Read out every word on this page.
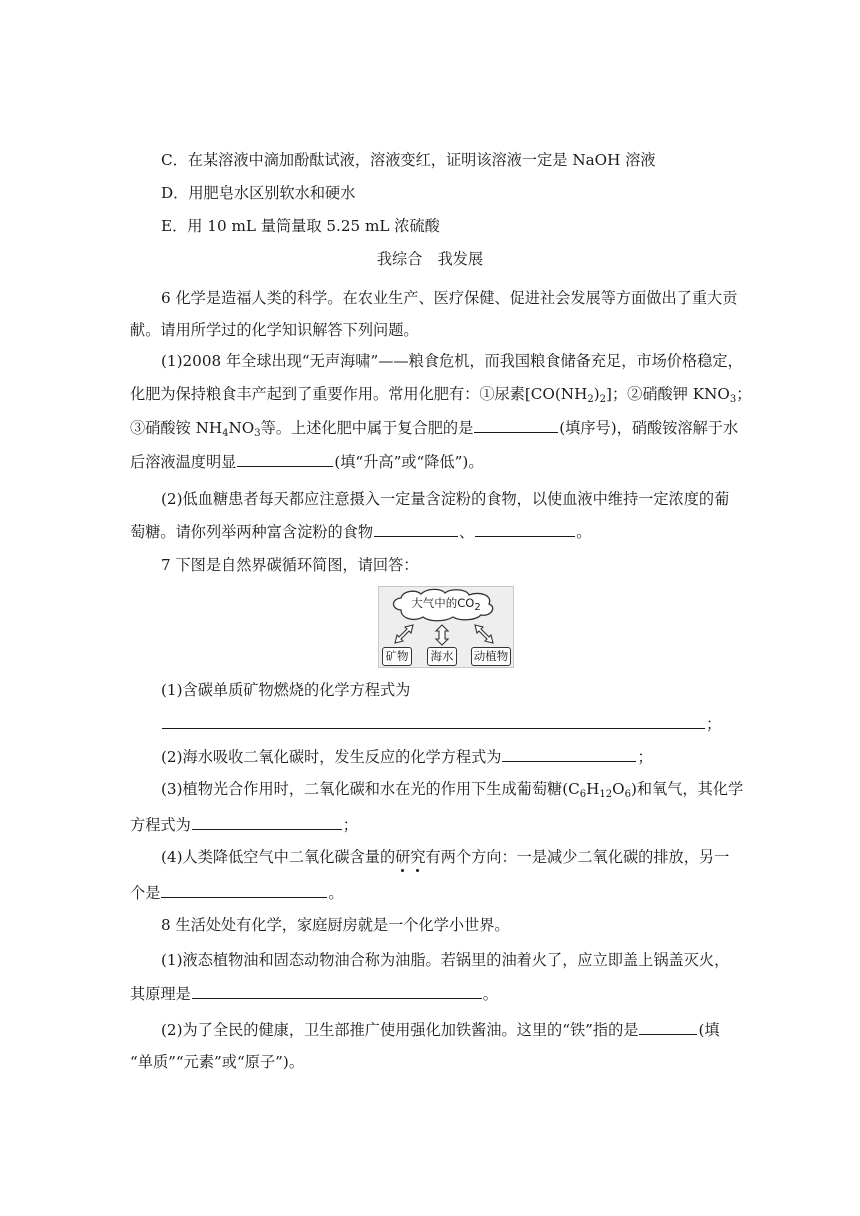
C．在某溶液中滴加酚酞试液，溶液变红，证明该溶液一定是 NaOH 溶液
D．用肥皂水区别软水和硬水
E．用 10 mL 量筒量取 5.25 mL 浓硫酸
我综合　我发展
6 化学是造福人类的科学。在农业生产、医疗保健、促进社会发展等方面做出了重大贡
献。请用所学过的化学知识解答下列问题。
(1)2008 年全球出现“无声海啸”——粮食危机，而我国粮食储备充足，市场价格稳定，
化肥为保持粮食丰产起到了重要作用。常用化肥有：①尿素$[CO(NH_2)_2]$；②硝酸钾 $KNO_3$；
③硝酸铵 $NH_4NO_3$等。上述化肥中属于复合肥的是	(填序号)，硝酸铵溶解于水
后溶液温度明显	(填“升高”或“降低”)。
(2)低血糖患者每天都应注意摄入一定量含淀粉的食物，以使血液中维持一定浓度的葡
萄糖。请你列举两种富含淀粉的食物	、	。
7 下图是自然界碳循环简图，请回答：
大气中的$CO_2$
矿物	海水	动植物
(1)含碳单质矿物燃烧的化学方程式为
；
(2)海水吸收二氧化碳时，发生反应的化学方程式为	；
(3)植物光合作用时，二氧化碳和水在光的作用下生成葡萄糖$(C_6H_{12}O_6)$和氧气，其化学
方程式为	；
(4)人类降低空气中二氧化碳含量的研究有两个方向：一是减少二氧化碳的排放，另一
个是	。
8 生活处处有化学，家庭厨房就是一个化学小世界。
(1)液态植物油和固态动物油合称为油脂。若锅里的油着火了，应立即盖上锅盖灭火，
其原理是	。
(2)为了全民的健康，卫生部推广使用强化加铁酱油。这里的“铁”指的是	(填
“单质”“元素”或“原子”)。
